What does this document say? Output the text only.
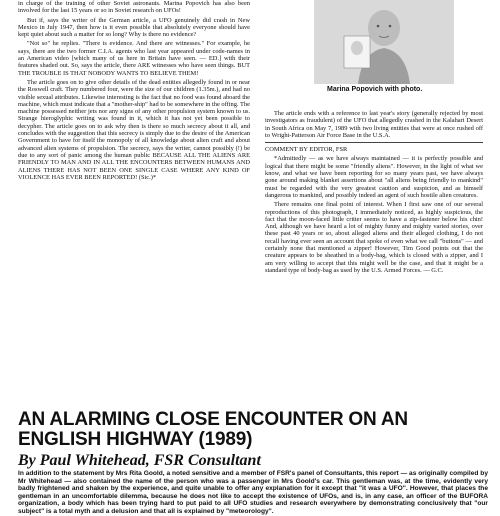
in charge of the training of other Soviet astronauts. Marina Popovich has also been involved for the last 15 years or so in Soviet research on UFOs!

But if, says the writer of the German article, a UFO genuinely did crash in New Mexico in July 1947, then how is it even possible that absolutely everyone should have kept quiet about such a matter for so long? Why is there no evidence?

"Not so" he replies. "There is evidence. And there are witnesses." For example, he says, there are the two former C.I.A. agents who last year appeared under code-names in an American video [which many of us here in Britain have seen. — ED.] with their features shaded out. So, says the article, there ARE witnesses who have seen things. BUT THE TROUBLE IS THAT NOBODY WANTS TO BELIEVE THEM!

The article goes on to give other details of the dead entities allegedly found in or near the Roswell craft. They numbered four, were the size of our children (1.35m.), and had no visible sexual attributes. Likewise interesting is the fact that no food was found aboard the machine, which must indicate that a "mother-ship" had to be somewhere in the offing. The machine possessed neither jets nor any signs of any other propulsion system known to us. Strange hieroglyphic writing was found in it, which it has not yet been possible to decypher. The article goes on to ask why then is there so much secrecy about it all, and concludes with the suggestion that this secrecy is simply due to the desire of the American Government to have for itself the monopoly of all knowledge about alien craft and about advanced alien systems of propulsion. The secrecy, says the writer, cannot possibly (!) be due to any sort of panic among the human public BECAUSE ALL THE ALIENS ARE FRIENDLY TO MAN AND IN ALL THE ENCOUNTERS BETWEEN HUMANS AND ALIENS THERE HAS NOT BEEN ONE SINGLE CASE WHERE ANY KIND OF VIOLENCE HAS EVER BEEN REPORTED! (Sic.)*

Marina Popovich with photo.

The article ends with a reference to last year's story (generally rejected by most investigators as fraudulent) of the UFO that allegedly crashed in the Kalahari Desert in South Africa on May 7, 1989 with two living entities that were at once rushed off to Wright-Patterson Air Force Base in the U.S.A.

COMMENT BY EDITOR, FSR

*Admittedly — as we have always maintained — it is perfectly possible and logical that there might be some "friendly aliens". However, in the light of what we know, and what we have been reporting for so many years past, we have always gone around making blanket assertions about "all aliens being friendly to mankind" must be regarded with the very greatest caution and suspicion, and as himself dangerous to mankind, and possibly indeed an agent of such hostile alien creatures.

There remains one final point of interest. When I first saw one of our several reproductions of this photograph, I immediately noticed, as highly suspicious, the fact that the moon-faced little critter seems to have a zip-fastener below his chin! And, although we have heard a lot of mighty funny and mighty varied stories, over these past 40 years or so, about alleged aliens and their alleged clothing, I do not recall having ever seen an account that spoke of even what we call "buttons" — and certainly none that mentioned a zipper! However, Tim Good points out that the creature appears to be sheathed in a body-bag, which is closed with a zipper, and I am very willing to accept that this might well be the case, and that it might be a standard type of body-bag as used by the U.S. Armed Forces. — G.C.

AN ALARMING CLOSE ENCOUNTER ON AN ENGLISH HIGHWAY (1989)
By Paul Whitehead, FSR Consultant
In addition to the statement by Mrs Rita Goold, a noted sensitive and a member of FSR's panel of Consultants, this report — as originally compiled by Mr Whitehead — also contained the name of the person who was a passenger in Mrs Goold's car. This gentleman was, at the time, evidently very badly frightened and shaken by the experience, and quite unable to offer any explanation for it except that "it was a UFO". However, that places the gentleman in an uncomfortable dilemma, because he does not like to accept the existence of UFOs, and is, in any case, an officer of the BUFORA organization, a body which has been trying hard to put paid to all UFO studies and research everywhere by demonstrating conclusively that "our subject" is a total myth and a delusion and that all is explained by "meteorology".
